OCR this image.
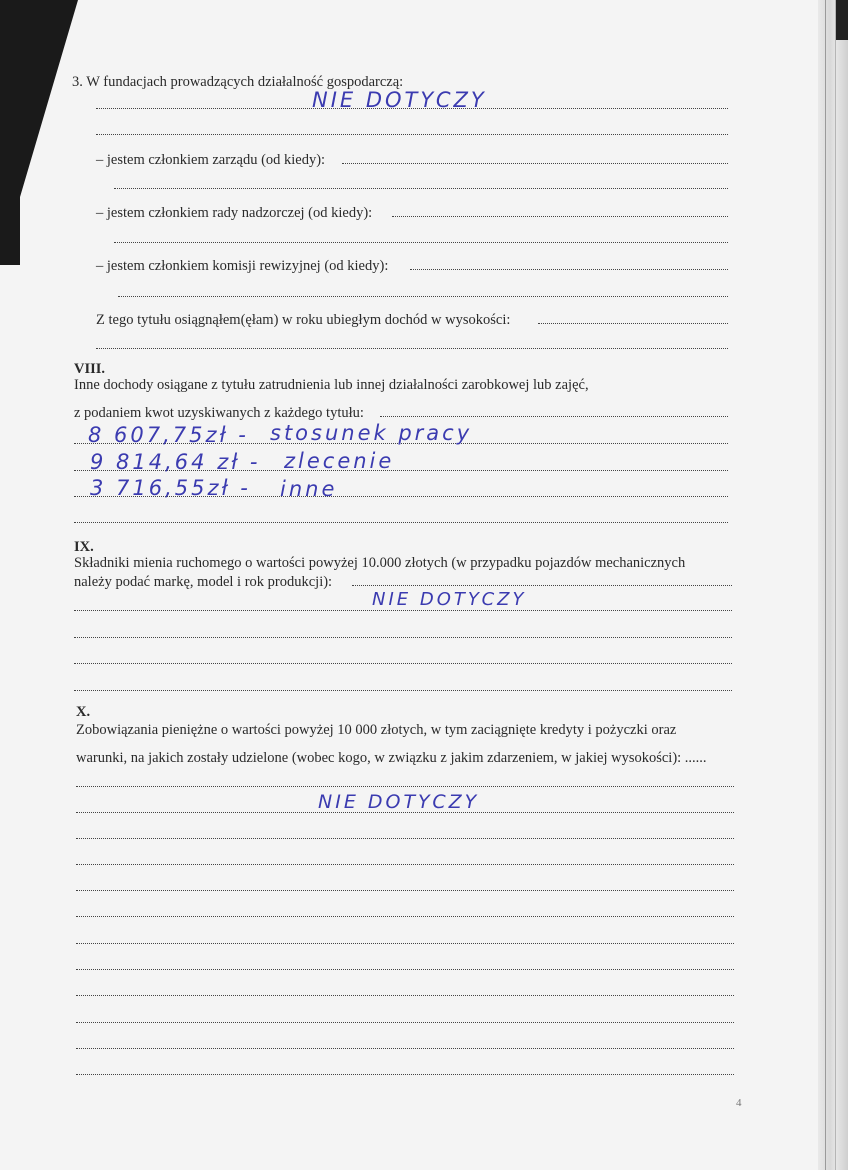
3. W fundacjach prowadzących działalność gospodarczą:
NIE DOTYCZY
– jestem członkiem zarządu (od kiedy):
– jestem członkiem rady nadzorczej (od kiedy):
– jestem członkiem komisji rewizyjnej (od kiedy):
Z tego tytułu osiągnąłem(ęłam) w roku ubiegłym dochód w wysokości:
VIII.
Inne dochody osiągane z tytułu zatrudnienia lub innej działalności zarobkowej lub zajęć,
z podaniem kwot uzyskiwanych z każdego tytułu:
8 607,75zł - stosunek pracy
9 814,64 zł - zlecenie
3 716,55zł - inne
IX.
Składniki mienia ruchomego o wartości powyżej 10.000 złotych (w przypadku pojazdów mechanicznych
należy podać markę, model i rok produkcji):
NIE DOTYCZY
X.
Zobowiązania pieniężne o wartości powyżej 10 000 złotych, w tym zaciągnięte kredyty i pożyczki oraz
warunki, na jakich zostały udzielone (wobec kogo, w związku z jakim zdarzeniem, w jakiej wysokości): ......
NIE DOTYCZY
4
